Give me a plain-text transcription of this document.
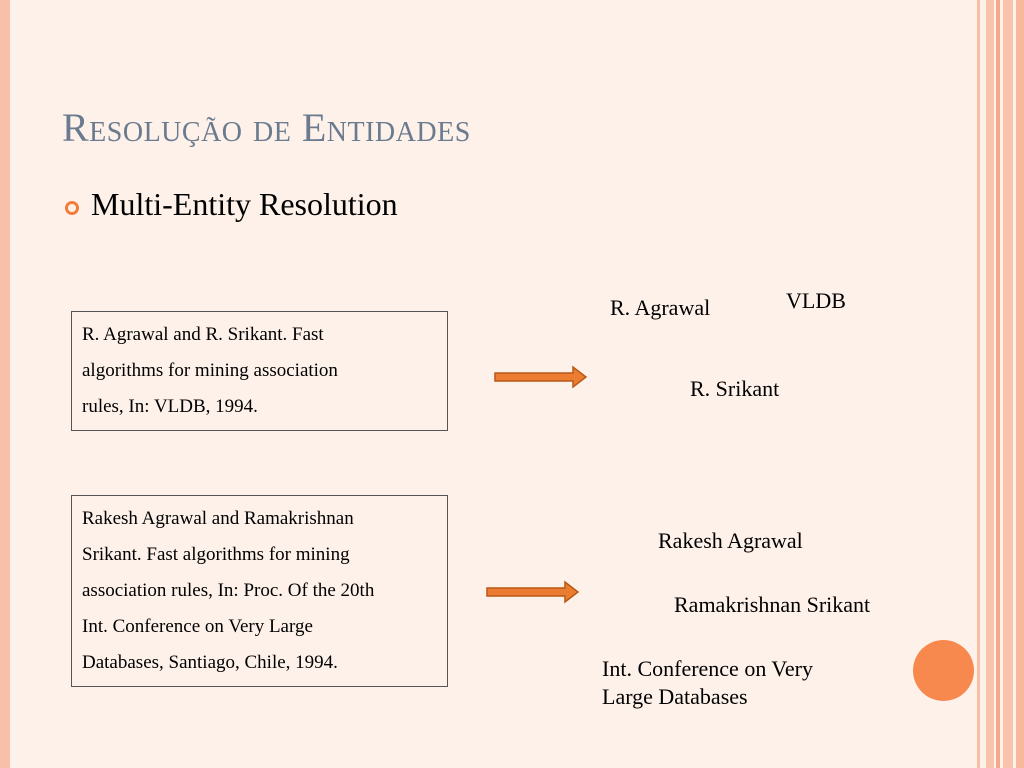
Resolução de Entidades
Multi-Entity Resolution
R. Agrawal and R. Srikant. Fast
algorithms for mining association
rules, In: VLDB, 1994.
Rakesh Agrawal and Ramakrishnan
Srikant. Fast algorithms for mining
association rules, In: Proc. Of the 20th
Int. Conference on Very Large
Databases, Santiago, Chile, 1994.
R. Agrawal	VLDB
R. Srikant
Rakesh Agrawal
Ramakrishnan Srikant
Int. Conference on Very
Large Databases
